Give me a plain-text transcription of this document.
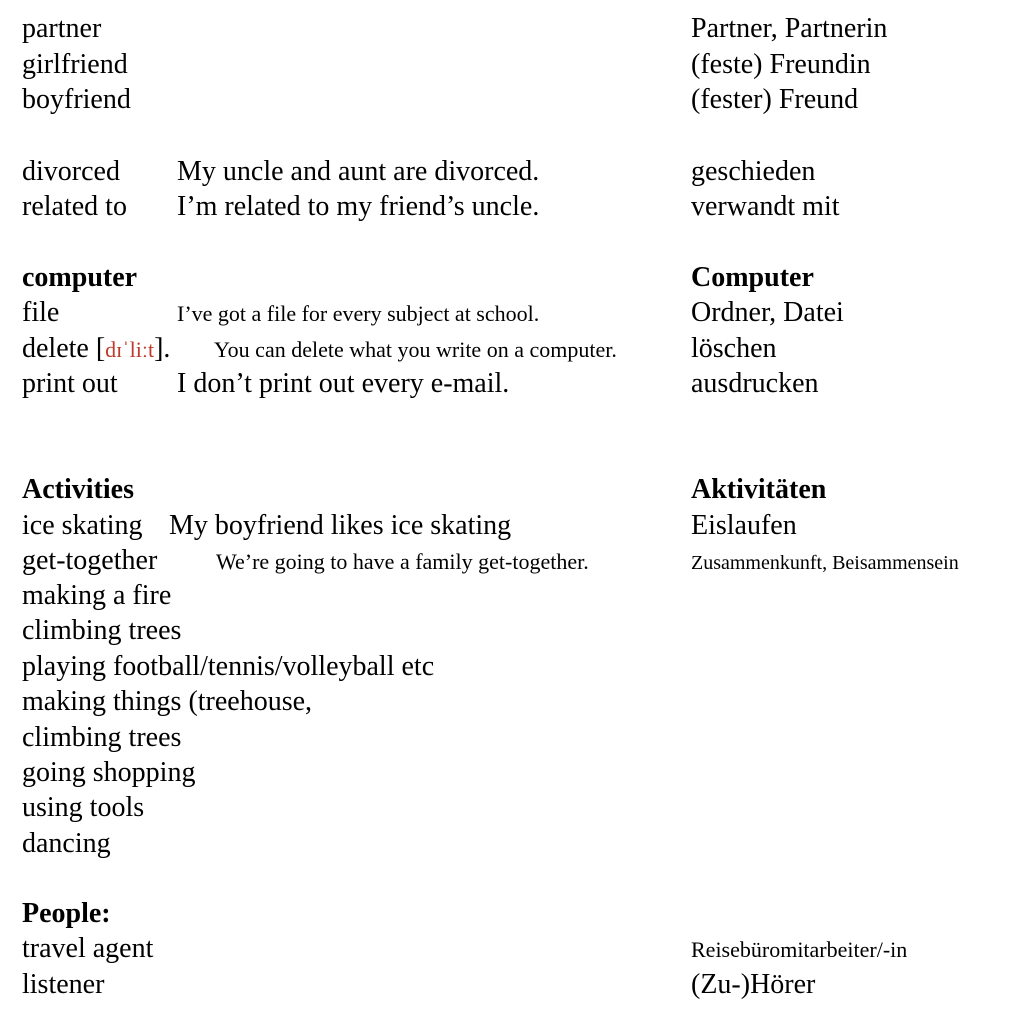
partner	Partner, Partnerin
girlfriend	(feste) Freundin
boyfriend	(fester) Freund
divorced My uncle and aunt are divorced.	geschieden
related to I’m related to my friend’s uncle.	verwandt mit
computer	Computer
file	I’ve got a file for every subject at school.	Ordner, Datei
delete [dɪˈliːt]. You can delete what you write on a computer.	löschen
print out I don’t print out every e-mail.	ausdrucken
Activities	Aktivitäten
ice skating My boyfriend likes ice skating	Eislaufen
get-together	We’re going to have a family get-together.	Zusammenkunft, Beisammensein
making a fire
climbing trees
playing football/tennis/volleyball etc
making things (treehouse,
climbing trees
going shopping
using tools
dancing
People:
travel agent	Reisebüromitarbeiter/-in
listener	(Zu-)Hörer
